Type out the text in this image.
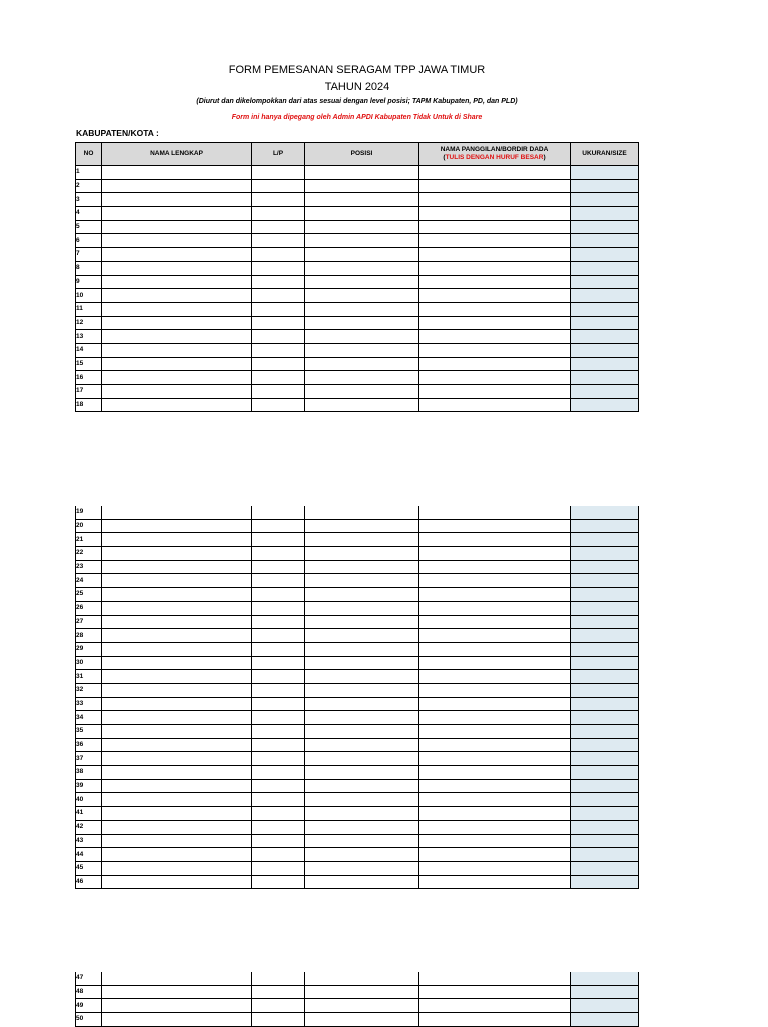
FORM PEMESANAN SERAGAM TPP JAWA TIMUR
TAHUN 2024
(Diurut dan dikelompokkan dari atas sesuai dengan level posisi; TAPM Kabupaten, PD, dan PLD)
Form ini hanya dipegang oleh Admin APDI Kabupaten Tidak Untuk di Share
KABUPATEN/KOTA :
NO	NAMA LENGKAP	L/P	POSISI	NAMA PANGGILAN/BORDIR DADA
(TULIS DENGAN HURUF BESAR)	UKURAN/SIZE
1					
2					
3					
4					
5					
6					
7					
8					
9					
10					
11					
12					
13					
14					
15					
16					
17					
18					
19					
20					
21					
22					
23					
24					
25					
26					
27					
28					
29					
30					
31					
32					
33					
34					
35					
36					
37					
38					
39					
40					
41					
42					
43					
44					
45					
46					
47					
48					
49					
50					
